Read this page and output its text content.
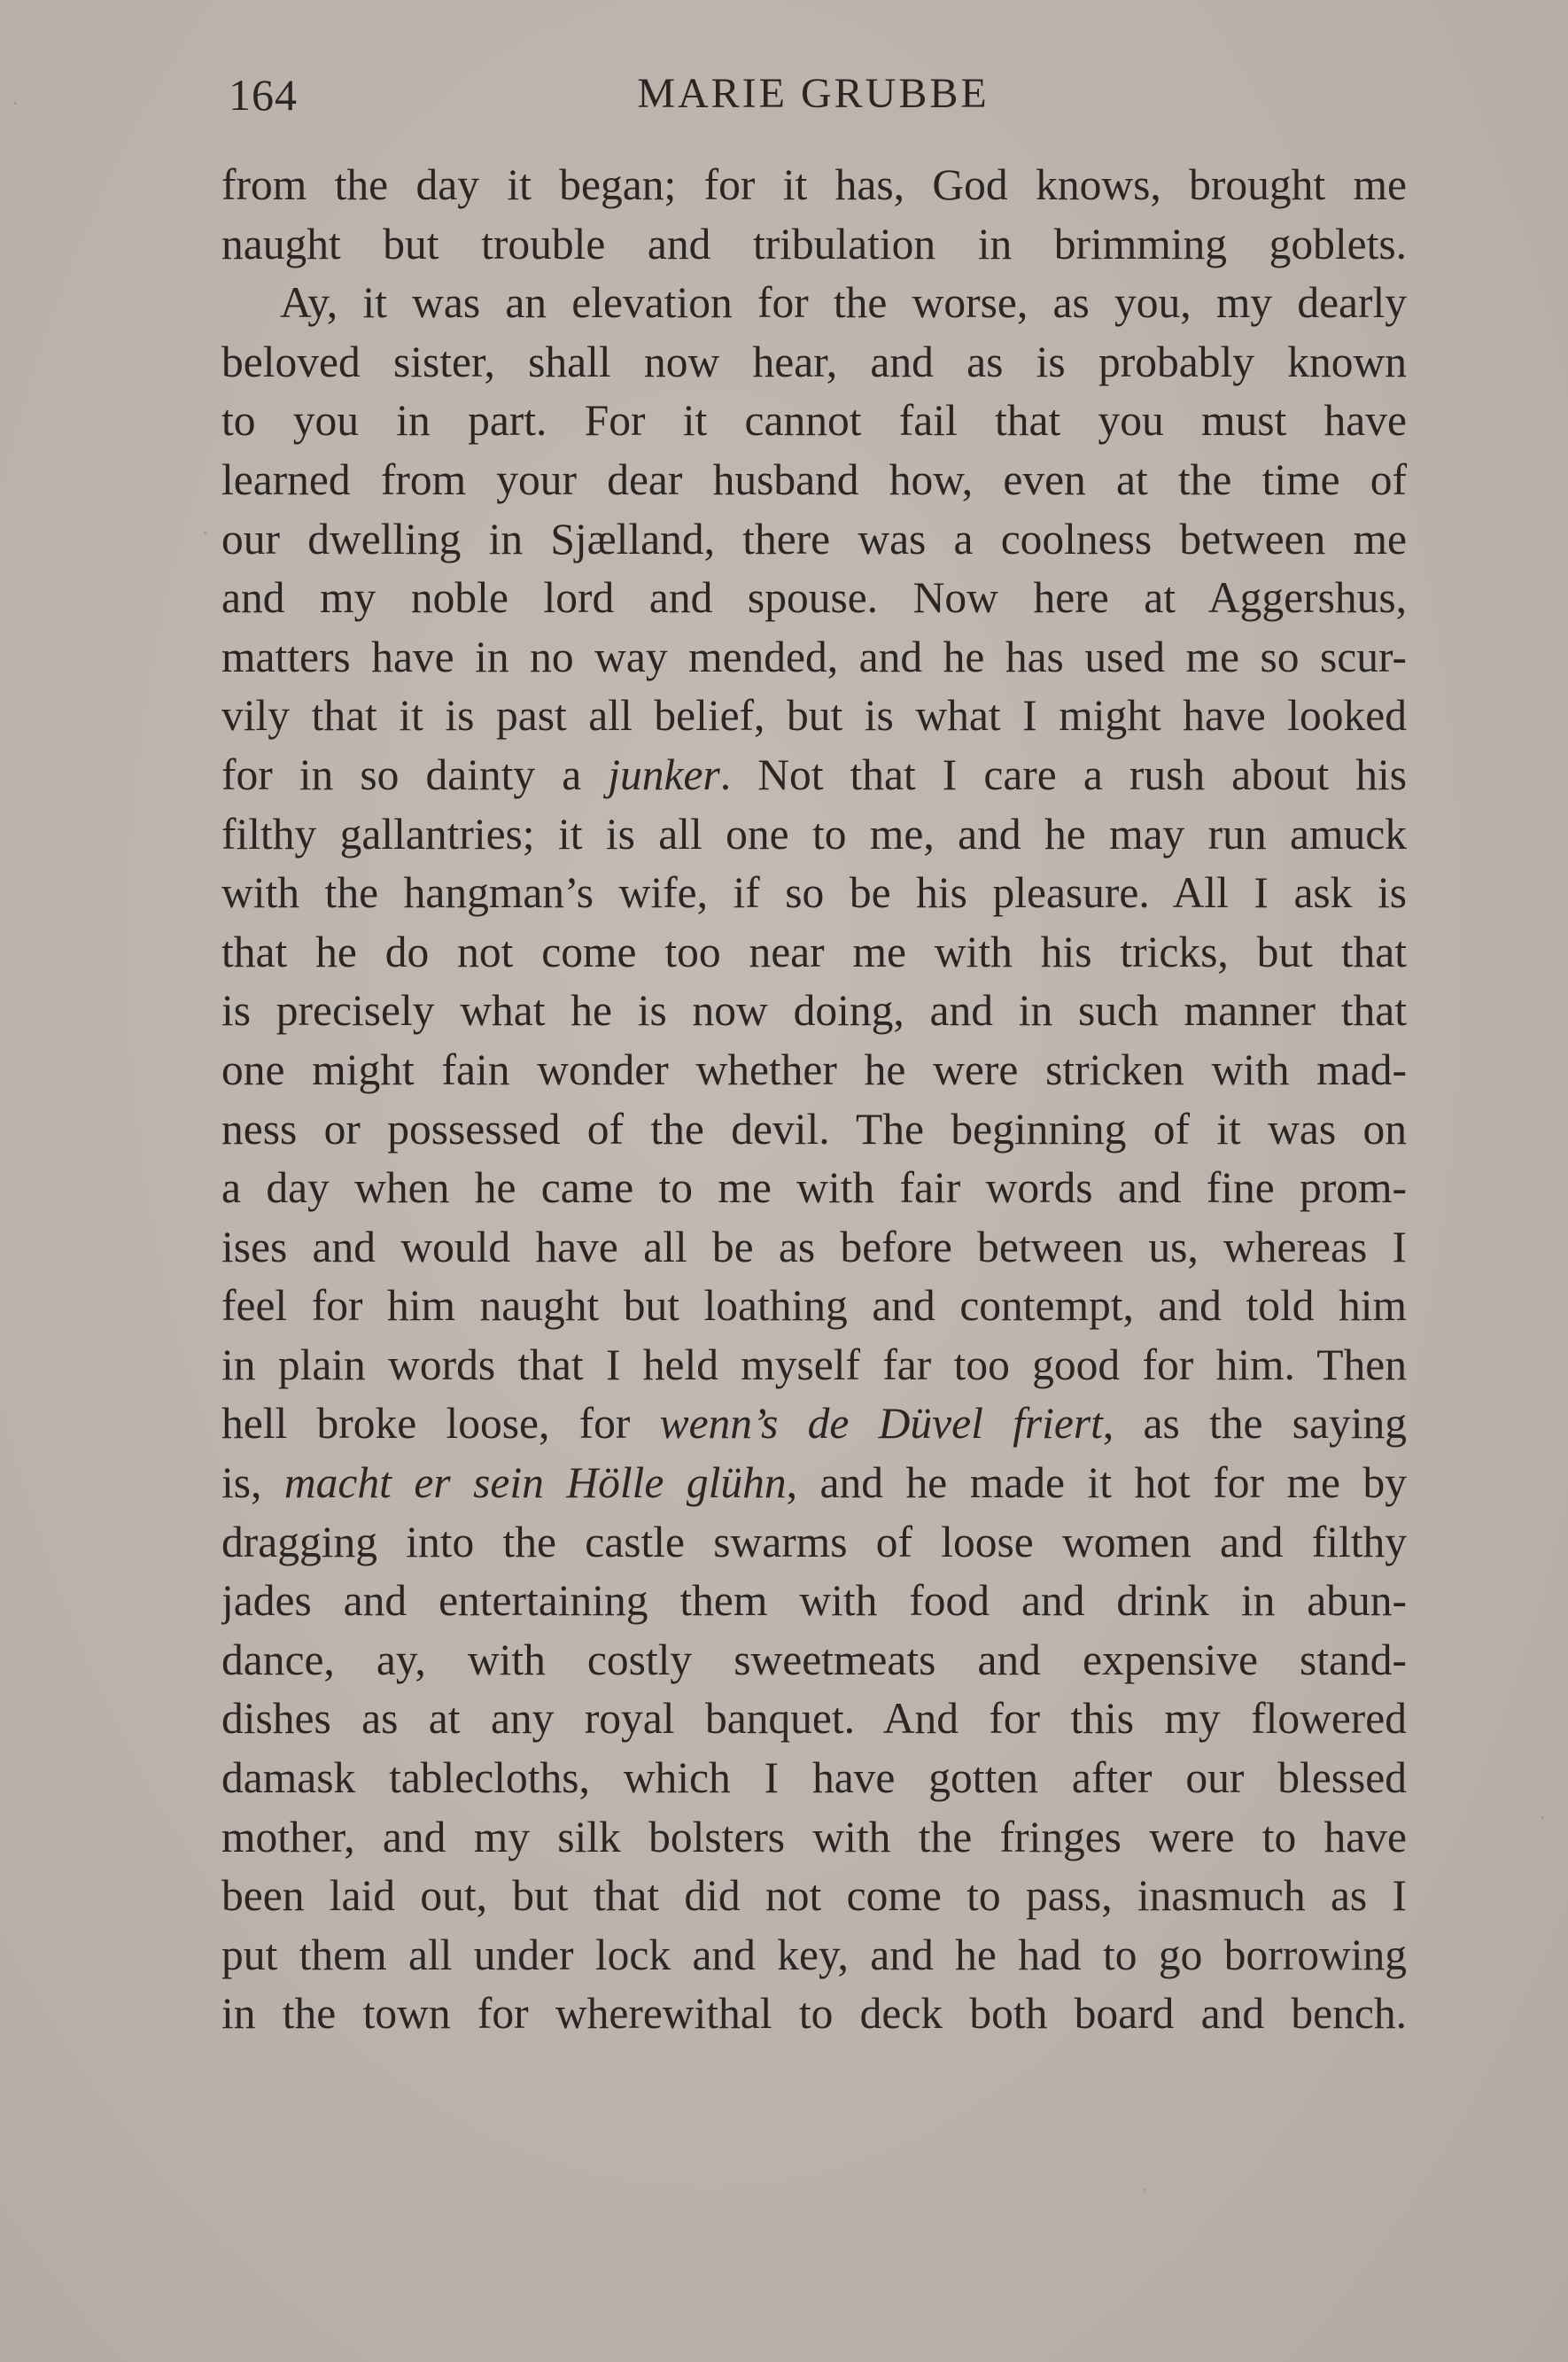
164	MARIE GRUBBE
from the day it began; for it has, God knows, brought me
naught but trouble and tribulation in brimming goblets.
Ay, it was an elevation for the worse, as you, my dearly
beloved sister, shall now hear, and as is probably known
to you in part. For it cannot fail that you must have
learned from your dear husband how, even at the time of
our dwelling in Sjælland, there was a coolness between me
and my noble lord and spouse. Now here at Aggershus,
matters have in no way mended, and he has used me so scur-
vily that it is past all belief, but is what I might have looked
for in so dainty a junker. Not that I care a rush about his
filthy gallantries; it is all one to me, and he may run amuck
with the hangman’s wife, if so be his pleasure. All I ask is
that he do not come too near me with his tricks, but that
is precisely what he is now doing, and in such manner that
one might fain wonder whether he were stricken with mad-
ness or possessed of the devil. The beginning of it was on
a day when he came to me with fair words and fine prom-
ises and would have all be as before between us, whereas I
feel for him naught but loathing and contempt, and told him
in plain words that I held myself far too good for him. Then
hell broke loose, for wenn’s de Düvel friert, as the saying
is, macht er sein Hölle glühn, and he made it hot for me by
dragging into the castle swarms of loose women and filthy
jades and entertaining them with food and drink in abun-
dance, ay, with costly sweetmeats and expensive stand-
dishes as at any royal banquet. And for this my flowered
damask tablecloths, which I have gotten after our blessed
mother, and my silk bolsters with the fringes were to have
been laid out, but that did not come to pass, inasmuch as I
put them all under lock and key, and he had to go borrowing
in the town for wherewithal to deck both board and bench.
